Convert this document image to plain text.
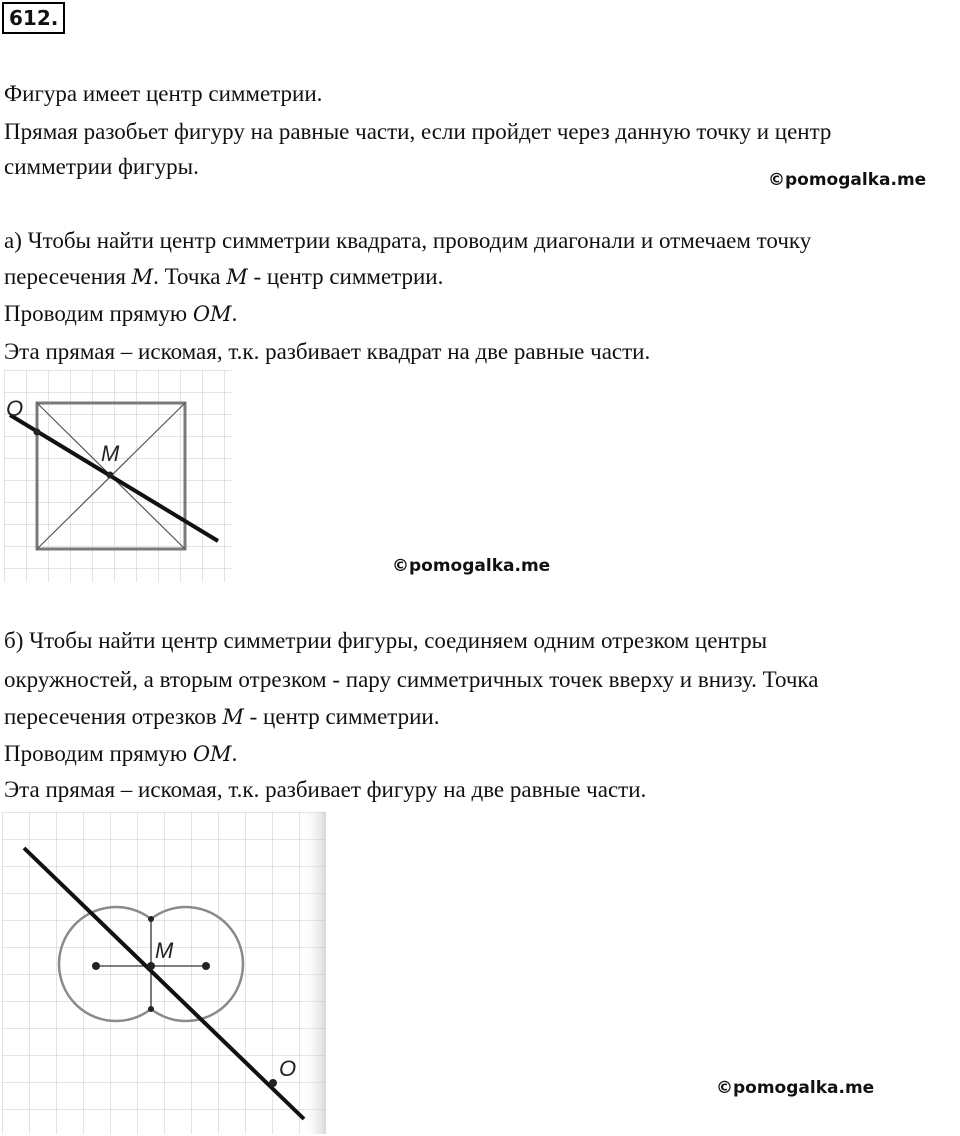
612.
Фигура имеет центр симметрии.
Прямая разобьет фигуру на равные части, если пройдет через данную точку и центр
симметрии фигуры.
©pomogalka.me
а) Чтобы найти центр симметрии квадрата, проводим диагонали и отмечаем точку
пересечения M. Точка M - центр симметрии.
Проводим прямую OM.
Эта прямая – искомая, т.к. разбивает квадрат на две равные части.
O
M
©pomogalka.me
б) Чтобы найти центр симметрии фигуры, соединяем одним отрезком центры
окружностей, а вторым отрезком - пару симметричных точек вверху и внизу. Точка
пересечения отрезков M - центр симметрии.
Проводим прямую OM.
Эта прямая – искомая, т.к. разбивает фигуру на две равные части.
M
O
©pomogalka.me
